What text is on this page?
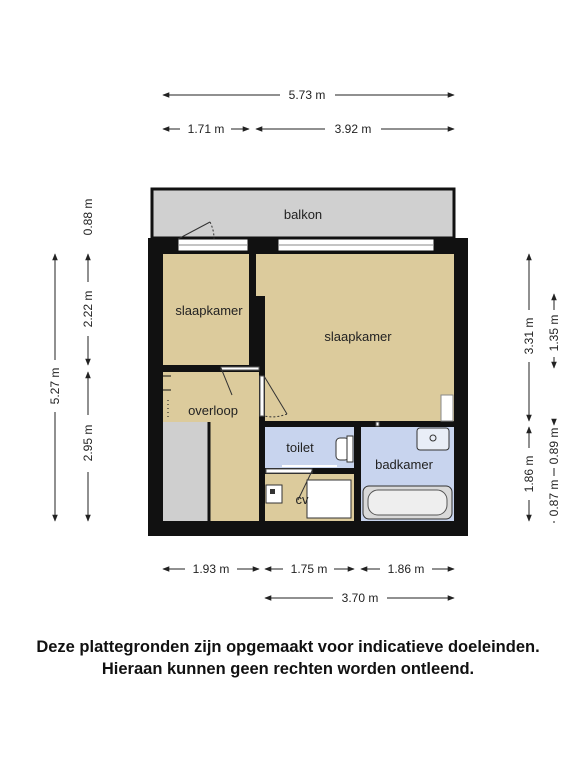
balkon
slaapkamer
slaapkamer
overloop
toilet
badkamer
cv
5.73 m
1.71 m	3.92 m
1.93 m	1.75 m	1.86 m
3.70 m
0.88 m
2.22 m
2.95 m
5.27 m
3.31 m 1.35 m
1.86 m
0.89 m
0.87 m
Deze plattegronden zijn opgemaakt voor indicatieve doeleinden.
Hieraan kunnen geen rechten worden ontleend.
